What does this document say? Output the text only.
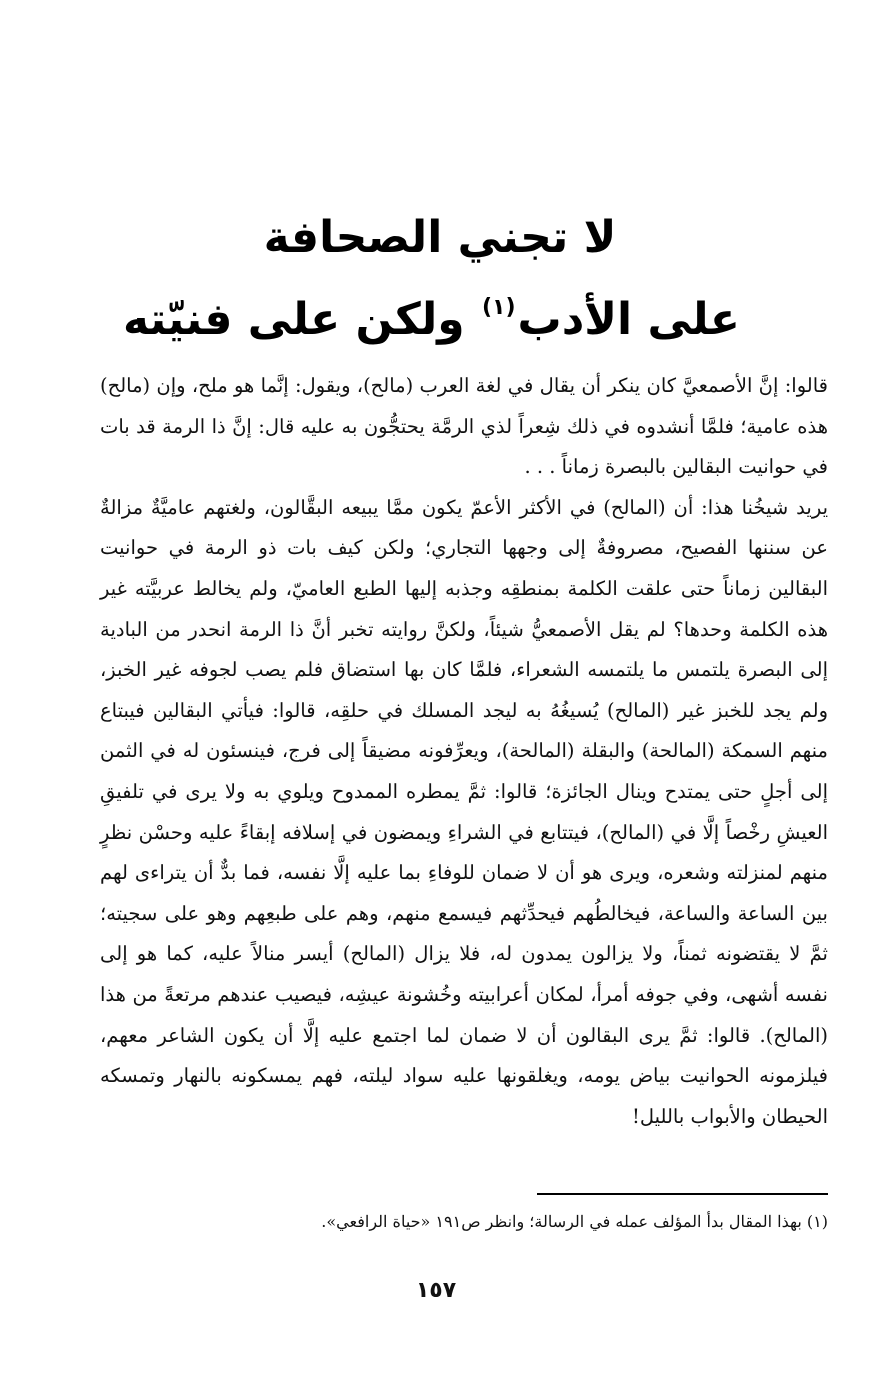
لا تجني الصحافة
على الأدب$^{(١)}$ ولكن على فنيّته

قالوا: إنَّ الأصمعيَّ كان ينكر أن يقال في لغة العرب (مالح)، ويقول: إنَّما هو ملح، وإن (مالح) هذه عامية؛ فلمَّا أنشدوه في ذلك شِعراً لذي الرمَّة يحتجُّون به عليه قال: إنَّ ذا الرمة قد بات في حوانيت البقالين بالبصرة زماناً . . .

يريد شيخُنا هذا: أن (المالح) في الأكثر الأعمّ يكون ممَّا يبيعه البقَّالون، ولغتهم عاميَّةٌ مزالةٌ عن سننها الفصيح، مصروفةٌ إلى وجهها التجاري؛ ولكن كيف بات ذو الرمة في حوانيت البقالين زماناً حتى علقت الكلمة بمنطقِه وجذبه إليها الطبع العاميّ، ولم يخالط عربيَّته غير هذه الكلمة وحدها؟ لم يقل الأصمعيُّ شيئاً، ولكنَّ روايته تخبر أنَّ ذا الرمة انحدر من البادية إلى البصرة يلتمس ما يلتمسه الشعراء، فلمَّا كان بها استضاق فلم يصب لجوفه غير الخبز، ولم يجد للخبز غير (المالح) يُسيغُهُ به ليجد المسلك في حلقِه، قالوا: فيأتي البقالين فيبتاع منهم السمكة (المالحة) والبقلة (المالحة)، ويعرِّفونه مضيقاً إلى فرج، فينسئون له في الثمن إلى أجلٍ حتى يمتدح وينال الجائزة؛ قالوا: ثمَّ يمطره الممدوح ويلوي به ولا يرى في تلفيقِ العيشِ رخْصاً إلَّا في (المالح)، فيتتابع في الشراءِ ويمضون في إسلافه إبقاءً عليه وحسْن نظرٍ منهم لمنزلته وشعره، ويرى هو أن لا ضمان للوفاءِ بما عليه إلَّا نفسه، فما بدٌّ أن يتراءى لهم بين الساعة والساعة، فيخالطُهم فيحدِّثهم فيسمع منهم، وهم على طبعِهم وهو على سجيته؛ ثمَّ لا يقتضونه ثمناً، ولا يزالون يمدون له، فلا يزال (المالح) أيسر منالاً عليه، كما هو إلى نفسه أشهى، وفي جوفه أمرأ، لمكان أعرابيته وخُشونة عيشِه، فيصيب عندهم مرتعةً من هذا (المالح). قالوا: ثمَّ يرى البقالون أن لا ضمان لما اجتمع عليه إلَّا أن يكون الشاعر معهم، فيلزمونه الحوانيت بياض يومه، ويغلقونها عليه سواد ليلته، فهم يمسكونه بالنهار وتمسكه الحيطان والأبواب بالليل!

(١) بهذا المقال بدأ المؤلف عمله في الرسالة؛ وانظر ص١٩١ «حياة الرافعي».
١٥٧
